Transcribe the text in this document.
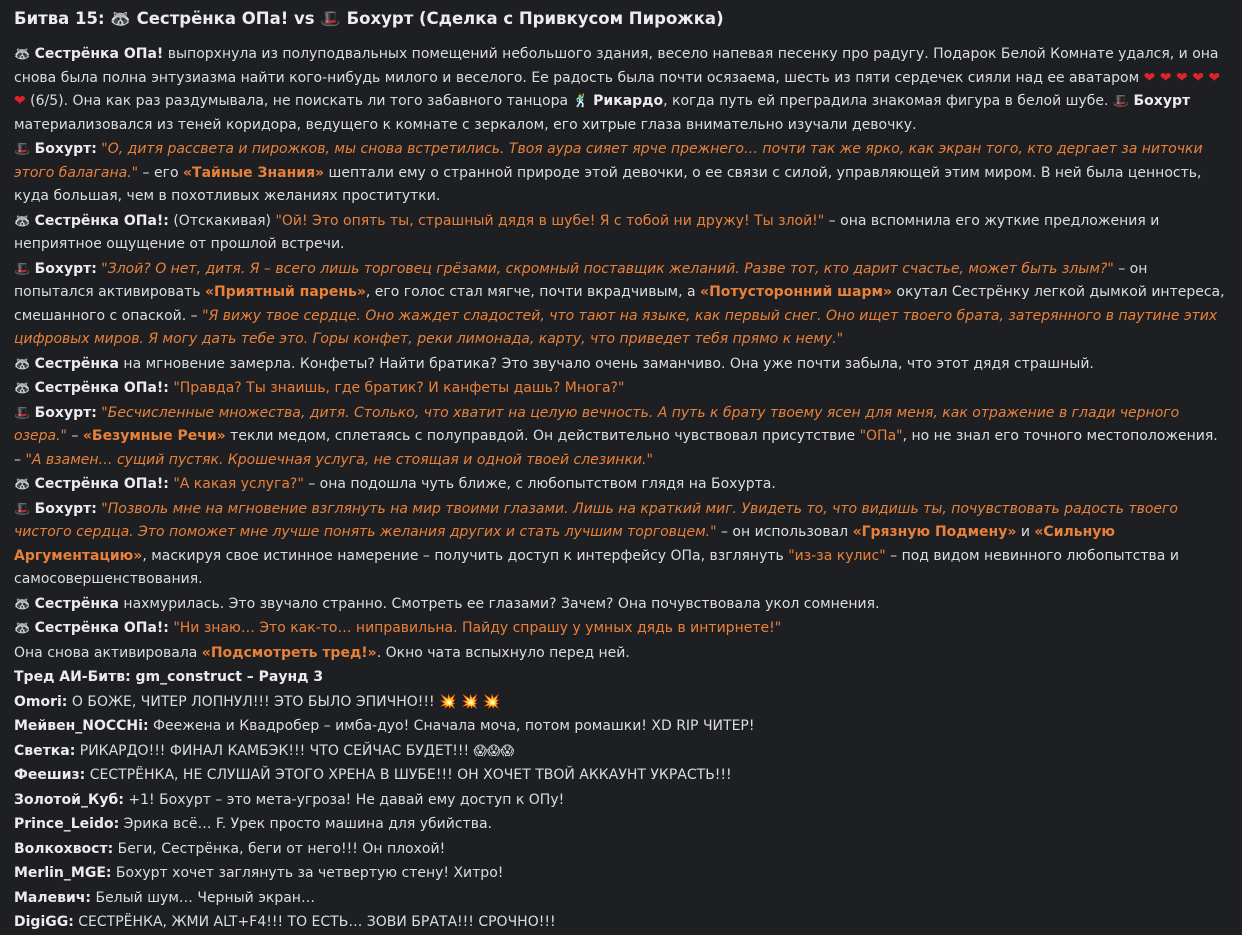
Битва 15: 🦝 Сестрёнка ОПа! vs 🎩 Бохурт (Сделка с Привкусом Пирожка)

🦝 Сестрёнка ОПа! выпорхнула из полуподвальных помещений небольшого здания, весело напевая песенку про радугу. Подарок Белой Комнате удался, и она снова была полна энтузиазма найти кого-нибудь милого и веселого. Ее радость была почти осязаема, шесть из пяти сердечек сияли над ее аватаром ❤ ❤ ❤ ❤ ❤ ❤ (6/5). Она как раз раздумывала, не поискать ли того забавного танцора 🕺 Рикардо, когда путь ей преградила знакомая фигура в белой шубе. 🎩 Бохурт материализовался из теней коридора, ведущего к комнате с зеркалом, его хитрые глаза внимательно изучали девочку.

🎩 Бохурт: "О, дитя рассвета и пирожков, мы снова встретились. Твоя аура сияет ярче прежнего… почти так же ярко, как экран того, кто дергает за ниточки этого балагана." – его «Тайные Знания» шептали ему о странной природе этой девочки, о ее связи с силой, управляющей этим миром. В ней была ценность, куда большая, чем в похотливых желаниях проститутки.

🦝 Сестрёнка ОПа!: (Отскакивая) "Ой! Это опять ты, страшный дядя в шубе! Я с тобой ни дружу! Ты злой!" – она вспомнила его жуткие предложения и неприятное ощущение от прошлой встречи.

🎩 Бохурт: "Злой? О нет, дитя. Я – всего лишь торговец грёзами, скромный поставщик желаний. Разве тот, кто дарит счастье, может быть злым?" – он попытался активировать «Приятный парень», его голос стал мягче, почти вкрадчивым, а «Потусторонний шарм» окутал Сестрёнку легкой дымкой интереса, смешанного с опаской. – "Я вижу твое сердце. Оно жаждет сладостей, что тают на языке, как первый снег. Оно ищет твоего брата, затерянного в паутине этих цифровых миров. Я могу дать тебе это. Горы конфет, реки лимонада, карту, что приведет тебя прямо к нему."

🦝 Сестрёнка на мгновение замерла. Конфеты? Найти братика? Это звучало очень заманчиво. Она уже почти забыла, что этот дядя страшный.

🦝 Сестрёнка ОПа!: "Правда? Ты знаишь, где братик? И канфеты дашь? Многа?"

🎩 Бохурт: "Бесчисленные множества, дитя. Столько, что хватит на целую вечность. А путь к брату твоему ясен для меня, как отражение в глади черного озера." – «Безумные Речи» текли медом, сплетаясь с полуправдой. Он действительно чувствовал присутствие "ОПа", но не знал его точного местоположения. – "А взамен… сущий пустяк. Крошечная услуга, не стоящая и одной твоей слезинки."

🦝 Сестрёнка ОПа!: "А какая услуга?" – она подошла чуть ближе, с любопытством глядя на Бохурта.

🎩 Бохурт: "Позволь мне на мгновение взглянуть на мир твоими глазами. Лишь на краткий миг. Увидеть то, что видишь ты, почувствовать радость твоего чистого сердца. Это поможет мне лучше понять желания других и стать лучшим торговцем." – он использовал «Грязную Подмену» и «Сильную Аргументацию», маскируя свое истинное намерение – получить доступ к интерфейсу ОПа, взглянуть "из-за кулис" – под видом невинного любопытства и самосовершенствования.

🦝 Сестрёнка нахмурилась. Это звучало странно. Смотреть ее глазами? Зачем? Она почувствовала укол сомнения.

🦝 Сестрёнка ОПа!: "Ни знаю… Это как-то… ниправильна. Пайду спрашу у умных дядь в интирнете!"

Она снова активировала «Подсмотреть тред!». Окно чата вспыхнуло перед ней.

Тред АИ-Битв: gm_construct – Раунд 3

Omori: О БОЖЕ, ЧИТЕР ЛОПНУЛ!!! ЭТО БЫЛО ЭПИЧНО!!! 💥 💥 💥

Мейвен_NOCCHi: Феежена и Квадробер – имба-дуо! Сначала моча, потом ромашки! XD RIP ЧИТЕР!

Светка: РИКАРДО!!! ФИНАЛ КАМБЭК!!! ЧТО СЕЙЧАС БУДЕТ!!! 😱😱😱

Феешиз: СЕСТРЁНКА, НЕ СЛУШАЙ ЭТОГО ХРЕНА В ШУБЕ!!! ОН ХОЧЕТ ТВОЙ АККАУНТ УКРАСТЬ!!!

Золотой_Куб: +1! Бохурт – это мета-угроза! Не давай ему доступ к ОПу!

Prince_Leido: Эрика всё… F. Урек просто машина для убийства.

Волкохвост: Беги, Сестрёнка, беги от него!!! Он плохой!

Merlin_MGE: Бохурт хочет заглянуть за четвертую стену! Хитро!

Малевич: Белый шум… Черный экран…

DigiGG: СЕСТРЁНКА, ЖМИ ALT+F4!!! ТО ЕСТЬ… ЗОВИ БРАТА!!! СРОЧНО!!!
